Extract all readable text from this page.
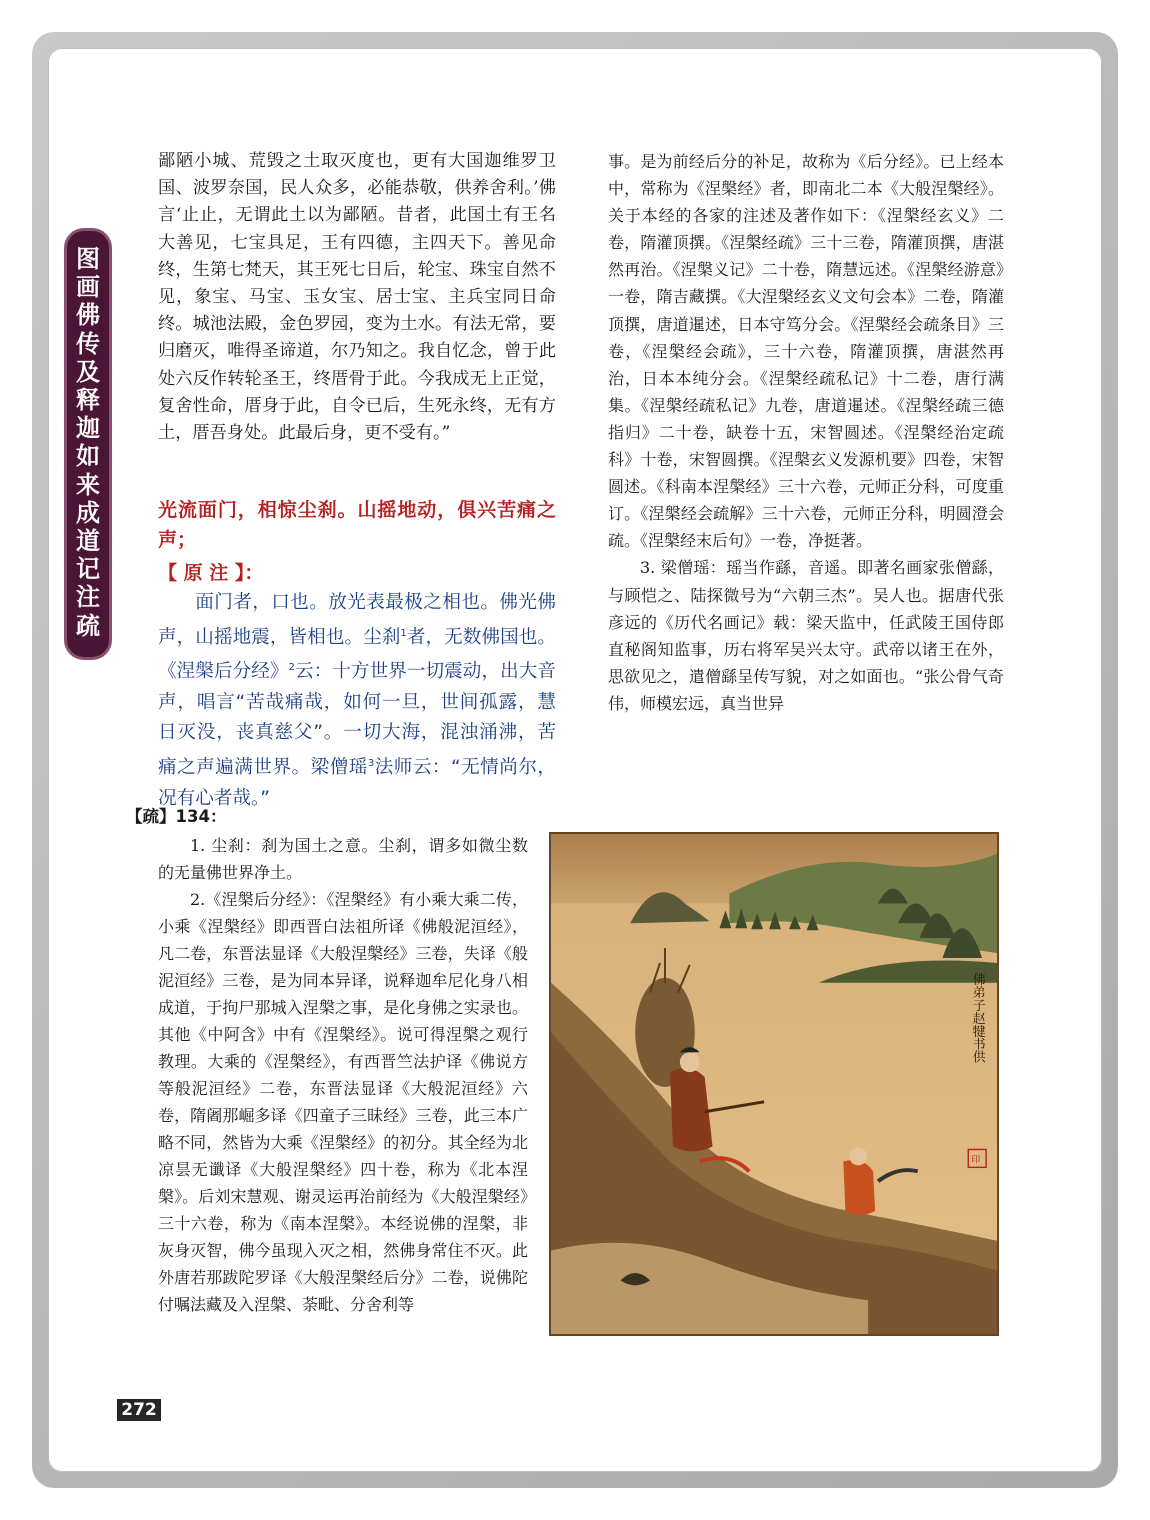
图画佛传及释迦如来成道记注疏

鄙陋小城、荒毁之土取灭度也，更有大国迦维罗卫国、波罗奈国，民人众多，必能恭敬，供养舍利。’佛言‘止止，无谓此土以为鄙陋。昔者，此国土有王名大善见，七宝具足，王有四德，主四天下。善见命终，生第七梵天，其王死七日后，轮宝、珠宝自然不见，象宝、马宝、玉女宝、居士宝、主兵宝同日命终。城池法殿，金色罗园，变为土水。有法无常，要归磨灭，唯得圣谛道，尔乃知之。我自忆念，曾于此处六反作转轮圣王，终厝骨于此。今我成无上正觉，复舍性命，厝身于此，自令已后，生死永终，无有方土，厝吾身处。此最后身，更不受有。”

光流面门，相惊尘刹。山摇地动，俱兴苦痛之声；
【 原 注 】：

面门者，口也。放光表最极之相也。佛光佛声，山摇地震，皆相也。尘刹$^1$者，无数佛国也。《涅槃后分经》$^2$云：十方世界一切震动，出大音声，唱言“苦哉痛哉，如何一旦，世间孤露，慧日灭没，丧真慈父”。一切大海，混浊涌沸，苦痛之声遍满世界。梁僧瑶$^3$法师云：“无情尚尔，况有心者哉。”

【疏】134：

1. 尘刹：刹为国土之意。尘刹，谓多如微尘数的无量佛世界净土。

2.《涅槃后分经》：《涅槃经》有小乘大乘二传，小乘《涅槃经》即西晋白法祖所译《佛般泥洹经》，凡二卷，东晋法显译《大般涅槃经》三卷，失译《般泥洹经》三卷，是为同本异译，说释迦牟尼化身八相成道，于拘尸那城入涅槃之事，是化身佛之实录也。其他《中阿含》中有《涅槃经》。说可得涅槃之观行教理。大乘的《涅槃经》，有西晋竺法护译《佛说方等般泥洹经》二卷，东晋法显译《大般泥洹经》六卷，隋阇那崛多译《四童子三昧经》三卷，此三本广略不同，然皆为大乘《涅槃经》的初分。其全经为北凉昙无谶译《大般涅槃经》四十卷，称为《北本涅槃》。后刘宋慧观、谢灵运再治前经为《大般涅槃经》三十六卷，称为《南本涅槃》。本经说佛的涅槃，非灰身灭智，佛今虽现入灭之相，然佛身常住不灭。此外唐若那跋陀罗译《大般涅槃经后分》二卷，说佛陀付嘱法藏及入涅槃、荼毗、分舍利等

事。是为前经后分的补足，故称为《后分经》。已上经本中，常称为《涅槃经》者，即南北二本《大般涅槃经》。关于本经的各家的注述及著作如下：《涅槃经玄义》二卷，隋灌顶撰。《涅槃经疏》三十三卷，隋灌顶撰，唐湛然再治。《涅槃义记》二十卷，隋慧远述。《涅槃经游意》一卷，隋吉藏撰。《大涅槃经玄义文句会本》二卷，隋灌顶撰，唐道暹述，日本守笃分会。《涅槃经会疏条目》三卷，《涅槃经会疏》，三十六卷，隋灌顶撰，唐湛然再治，日本本纯分会。《涅槃经疏私记》十二卷，唐行满集。《涅槃经疏私记》九卷，唐道暹述。《涅槃经疏三德指归》二十卷，缺卷十五，宋智圆述。《涅槃经治定疏科》十卷，宋智圆撰。《涅槃玄义发源机要》四卷，宋智圆述。《科南本涅槃经》三十六卷，元师正分科，可度重订。《涅槃经会疏解》三十六卷，元师正分科，明圆澄会疏。《涅槃经末后句》一卷，净挺著。

3. 梁僧瑶：瑶当作繇，音遥。即著名画家张僧繇，与顾恺之、陆探微号为“六朝三杰”。吴人也。据唐代张彦远的《历代名画记》载：梁天监中，任武陵王国侍郎直秘阁知监事，历右将军吴兴太守。武帝以诸王在外，思欲见之，遣僧繇呈传写貌，对之如面也。“张公骨气奇伟，师模宏远，真当世异

佛弟子赵犍书供
印
272
